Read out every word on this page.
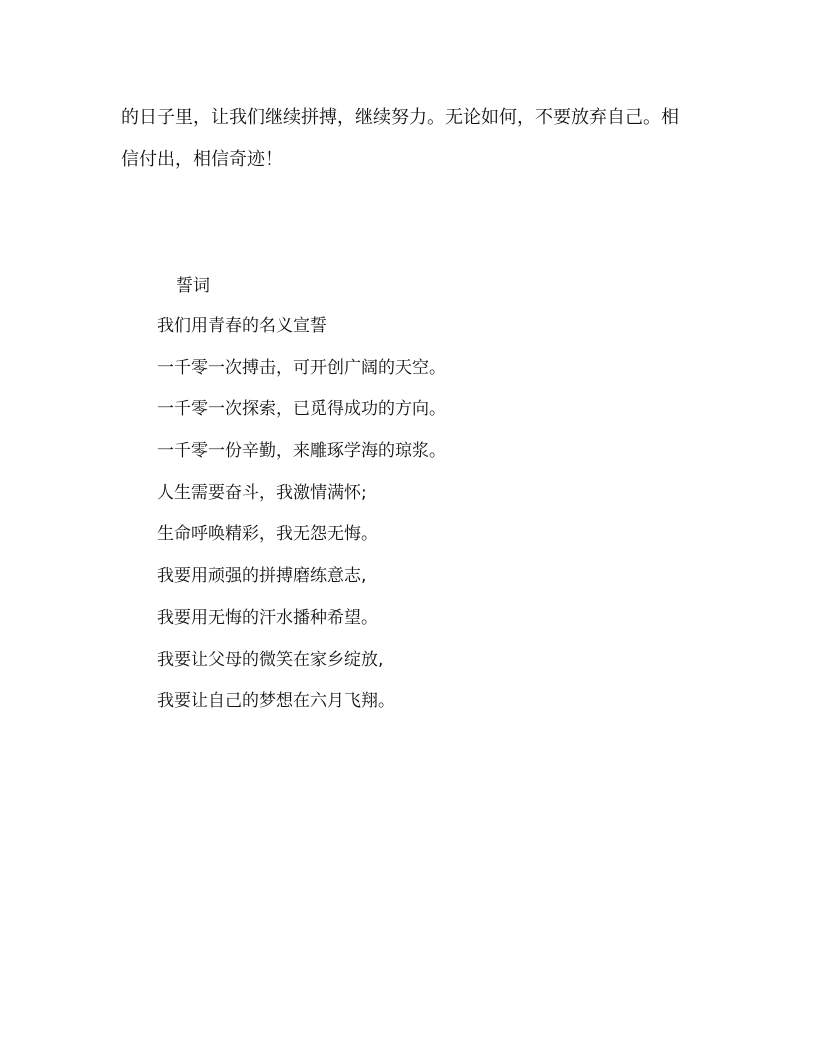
的日子里，让我们继续拼搏，继续努力。无论如何，不要放弃自己。相
信付出，相信奇迹！
誓词
我们用青春的名义宣誓
一千零一次搏击，可开创广阔的天空。
一千零一次探索，已觅得成功的方向。
一千零一份辛勤，来雕琢学海的琼浆。
人生需要奋斗，我激情满怀;
生命呼唤精彩，我无怨无悔。
我要用顽强的拼搏磨练意志,
我要用无悔的汗水播种希望。
我要让父母的微笑在家乡绽放,
我要让自己的梦想在六月飞翔。
